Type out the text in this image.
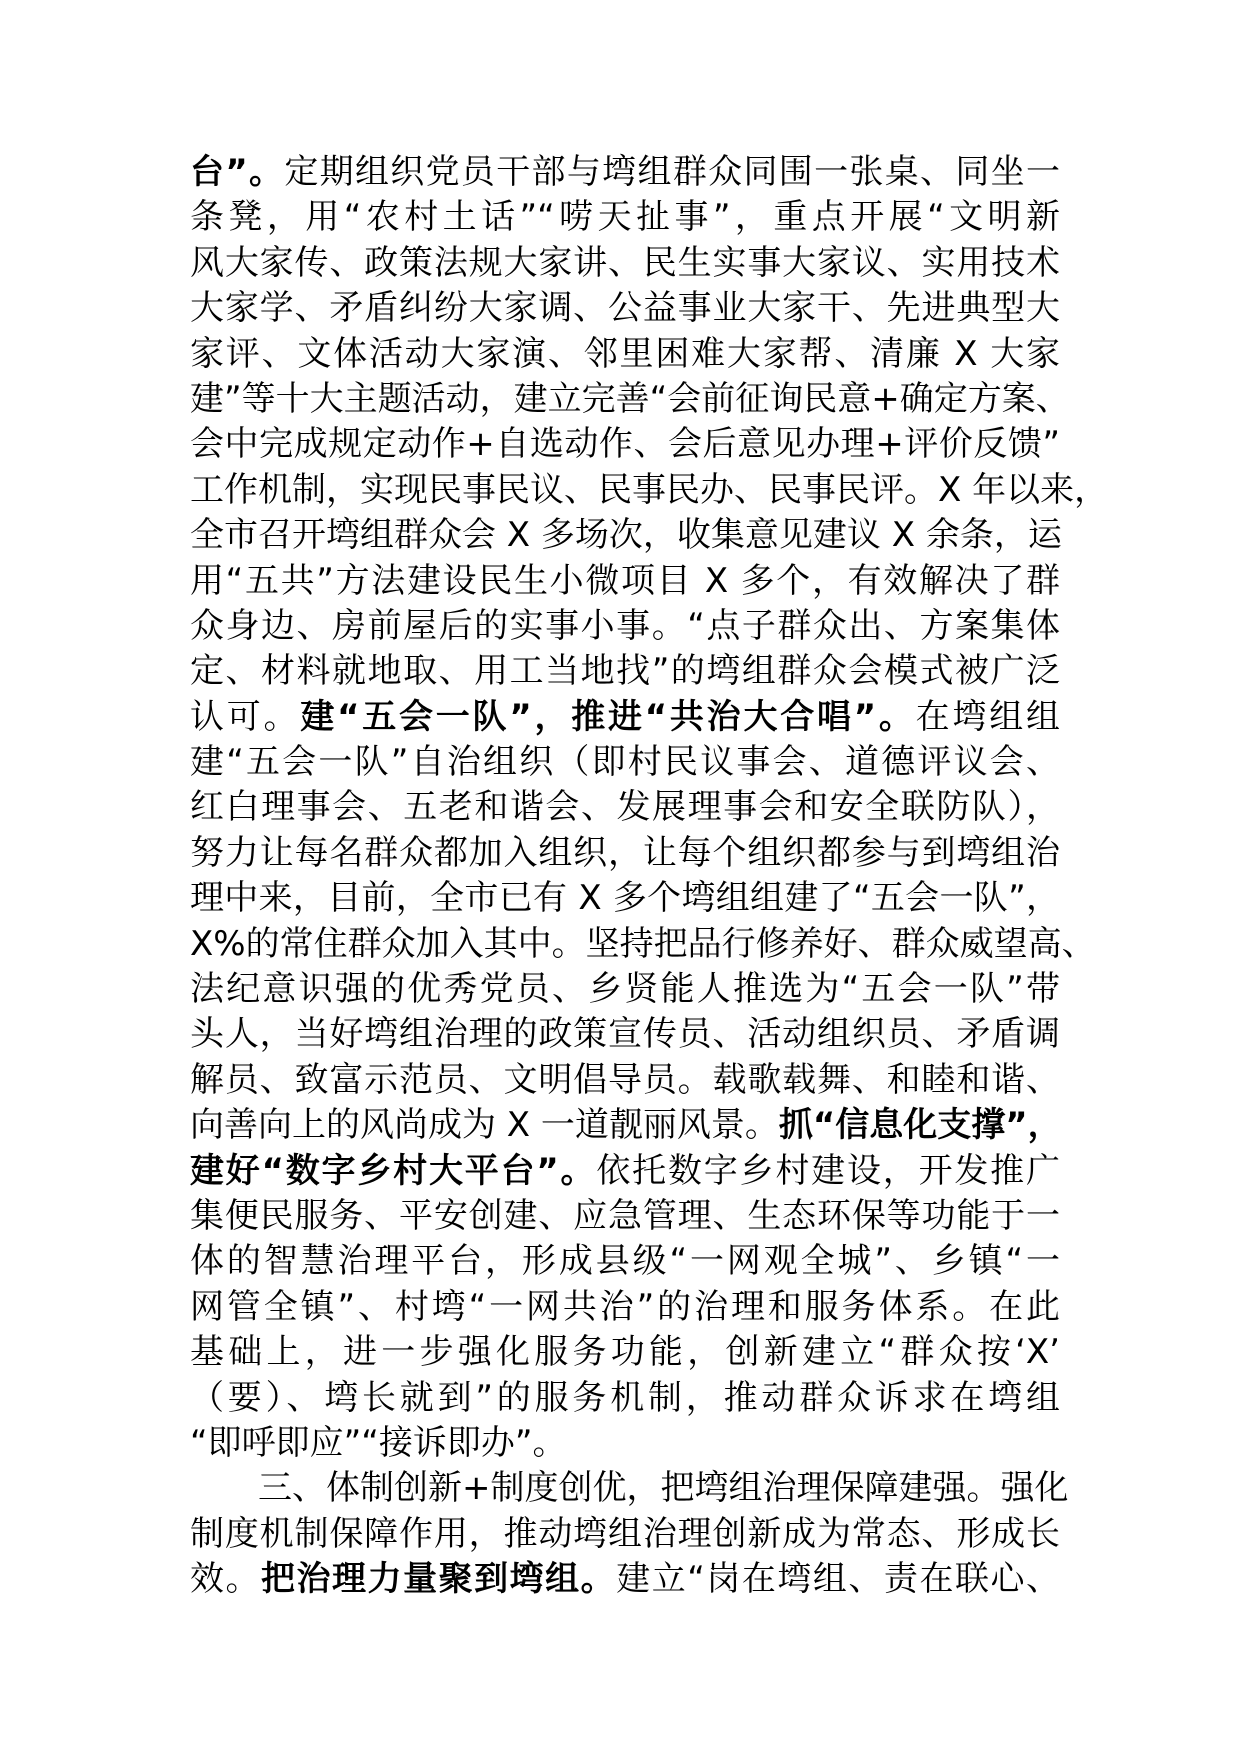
台”。定期组织党员干部与塆组群众同围一张桌、同坐一
条凳，用“农村土话”“唠天扯事”，重点开展“文明新
风大家传、政策法规大家讲、民生实事大家议、实用技术
大家学、矛盾纠纷大家调、公益事业大家干、先进典型大
家评、文体活动大家演、邻里困难大家帮、清廉 X 大家
建”等十大主题活动，建立完善“会前征询民意+确定方案、
会中完成规定动作+自选动作、会后意见办理+评价反馈”
工作机制，实现民事民议、民事民办、民事民评。X 年以来，
全市召开塆组群众会 X 多场次，收集意见建议 X 余条，运
用“五共”方法建设民生小微项目 X 多个，有效解决了群
众身边、房前屋后的实事小事。“点子群众出、方案集体
定、材料就地取、用工当地找”的塆组群众会模式被广泛
认可。建“五会一队”，推进“共治大合唱”。在塆组组
建“五会一队”自治组织（即村民议事会、道德评议会、
红白理事会、五老和谐会、发展理事会和安全联防队），
努力让每名群众都加入组织，让每个组织都参与到塆组治
理中来，目前，全市已有 X 多个塆组组建了“五会一队”，
X%的常住群众加入其中。坚持把品行修养好、群众威望高、
法纪意识强的优秀党员、乡贤能人推选为“五会一队”带
头人，当好塆组治理的政策宣传员、活动组织员、矛盾调
解员、致富示范员、文明倡导员。载歌载舞、和睦和谐、
向善向上的风尚成为 X 一道靓丽风景。抓“信息化支撑”，
建好“数字乡村大平台”。依托数字乡村建设，开发推广
集便民服务、平安创建、应急管理、生态环保等功能于一
体的智慧治理平台，形成县级“一网观全城”、乡镇“一
网管全镇”、村塆“一网共治”的治理和服务体系。在此
基础上，进一步强化服务功能，创新建立“群众按‘X’
（要）、塆长就到”的服务机制，推动群众诉求在塆组
“即呼即应”“接诉即办”。
三、体制创新+制度创优，把塆组治理保障建强。强化
制度机制保障作用，推动塆组治理创新成为常态、形成长
效。把治理力量聚到塆组。建立“岗在塆组、责在联心、
